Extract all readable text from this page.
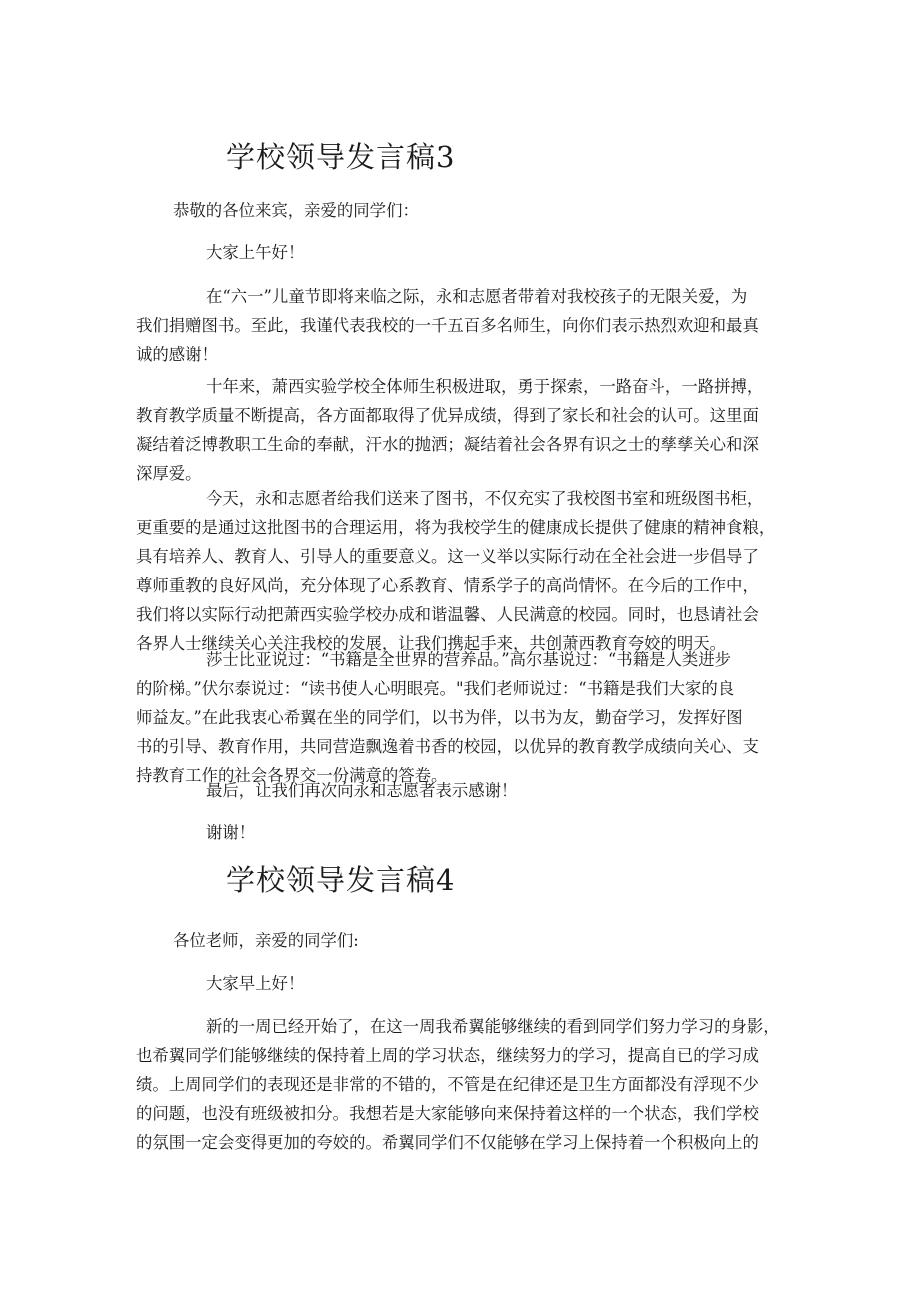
学校领导发言稿3
恭敬的各位来宾，亲爱的同学们：
大家上午好！
在“六一”儿童节即将来临之际，永和志愿者带着对我校孩子的无限关爱，为
我们捐赠图书。至此，我谨代表我校的一千五百多名师生，向你们表示热烈欢迎和最真
诚的感谢！
十年来，萧西实验学校全体师生积极进取，勇于探索，一路奋斗，一路拼搏，
教育教学质量不断提高，各方面都取得了优异成绩，得到了家长和社会的认可。这里面
凝结着泛博教职工生命的奉献，汗水的抛洒；凝结着社会各界有识之士的孳孳关心和深
深厚爱。
今天，永和志愿者给我们送来了图书，不仅充实了我校图书室和班级图书柜，
更重要的是通过这批图书的合理运用，将为我校学生的健康成长提供了健康的精神食粮，
具有培养人、教育人、引导人的重要意义。这一义举以实际行动在全社会进一步倡导了
尊师重教的良好风尚，充分体现了心系教育、情系学子的高尚情怀。在今后的工作中，
我们将以实际行动把萧西实验学校办成和谐温馨、人民满意的校园。同时，也恳请社会
各界人士继续关心关注我校的发展，让我们携起手来，共创萧西教育夸姣的明天。
莎士比亚说过：“书籍是全世界的营养品。”高尔基说过：“书籍是人类进步
的阶梯。”伏尔泰说过：“读书使人心明眼亮。"我们老师说过：“书籍是我们大家的良
师益友。”在此我衷心希翼在坐的同学们，以书为伴，以书为友，勤奋学习，发挥好图
书的引导、教育作用，共同营造飘逸着书香的校园，以优异的教育教学成绩向关心、支
持教育工作的社会各界交一份满意的答卷。
最后，让我们再次向永和志愿者表示感谢！
谢谢！
学校领导发言稿4
各位老师，亲爱的同学们:
大家早上好！
新的一周已经开始了，在这一周我希翼能够继续的看到同学们努力学习的身影，
也希翼同学们能够继续的保持着上周的学习状态，继续努力的学习，提高自已的学习成
绩。上周同学们的表现还是非常的不错的，不管是在纪律还是卫生方面都没有浮现不少
的问题，也没有班级被扣分。我想若是大家能够向来保持着这样的一个状态，我们学校
的氛围一定会变得更加的夸姣的。希翼同学们不仅能够在学习上保持着一个积极向上的
